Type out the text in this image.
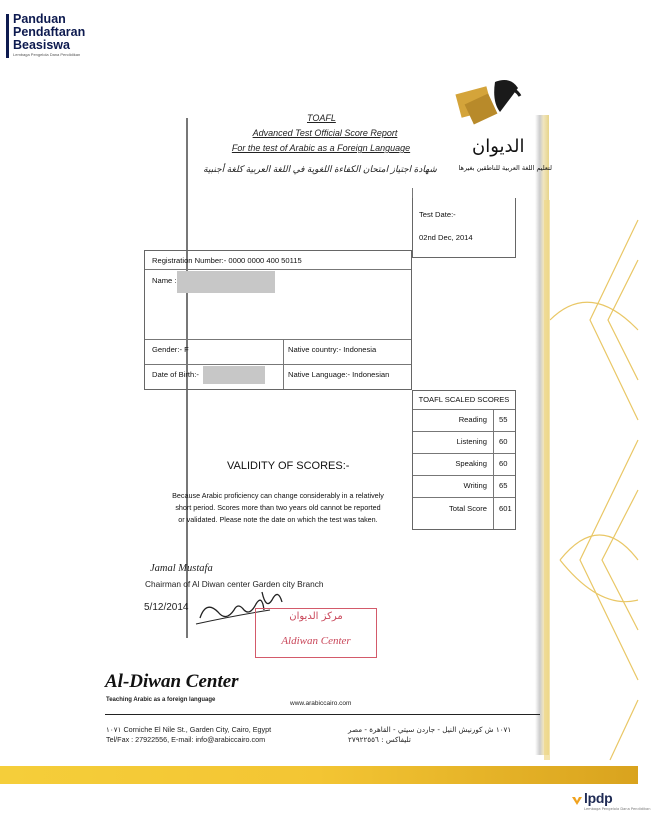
Panduan
Pendaftaran
Beasiswa
Lembaga Pengelola Dana Pendidikan
الديوان
TOAFL
Advanced Test Official Score Report
For the test of Arabic as a Foreign Language
شهادة اجتياز امتحان الكفاءة اللغوية في اللغة العربية كلغة أجنبية	لتعليم اللغة العربية للناطقين بغيرها
Test Date:-
02nd Dec, 2014
Registration Number:- 0000 0000 400 50115
Name :
Gender:- F	Native country:- Indonesia
Date of Birth:-	Native Language:- Indonesian
TOAFL SCALED SCORES
Reading 55
Listening 60
Speaking 60
Writing 65
Total Score 601
VALIDITY OF SCORES:-
Because Arabic proficiency can change considerably in a relatively
short period. Scores more than two years old cannot be reported
or validated. Please note the date on which the test was taken.
Jamal Mustafa
Chairman of Al Diwan center Garden city Branch
5/12/2014
مركز الديوان
Aldiwan Center
Al-Diwan Center
Teaching Arabic as a foreign language	www.arabiccairo.com
١٠٧١ Corniche El Nile St., Garden City, Cairo, Egypt
Tel/Fax : 27922556, E-mail: info@arabiccairo.com
١٠٧١ ش كورنيش النيل - جاردن سيتي - القاهرة - مصر
تليفاكس : ٢٧٩٢٢٥٥٦
lpdp
Lembaga Pengelola Dana Pendidikan
